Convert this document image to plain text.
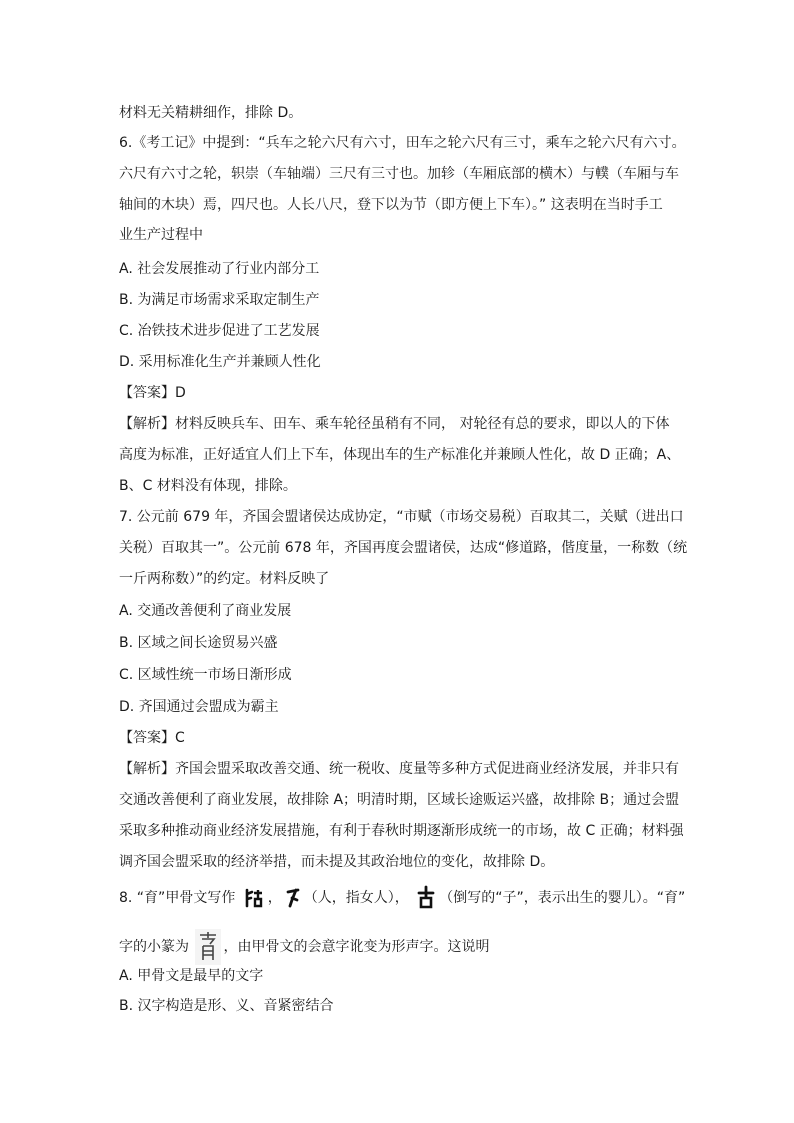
材料无关精耕细作，排除 D。
6.《考工记》中提到：“兵车之轮六尺有六寸，田车之轮六尺有三寸，乘车之轮六尺有六寸。
六尺有六寸之轮，轵崇（车轴端）三尺有三寸也。加轸（车厢底部的横木）与轐（车厢与车
轴间的木块）焉，四尺也。人长八尺，登下以为节（即方便上下车）。” 这表明在当时手工
业生产过程中
A. 社会发展推动了行业内部分工
B. 为满足市场需求采取定制生产
C. 冶铁技术进步促进了工艺发展
D. 采用标准化生产并兼顾人性化
【答案】D
【解析】材料反映兵车、田车、乘车轮径虽稍有不同， 对轮径有总的要求，即以人的下体
高度为标准，正好适宜人们上下车，体现出车的生产标准化并兼顾人性化，故 D 正确；A、
B、C 材料没有体现，排除。
7. 公元前 679 年，齐国会盟诸侯达成协定，“市赋（市场交易税）百取其二，关赋（进出口
关税）百取其一”。公元前 678 年，齐国再度会盟诸侯，达成“修道路，偕度量，一称数（统
一斤两称数）”的约定。材料反映了
A. 交通改善便利了商业发展
B. 区域之间长途贸易兴盛
C. 区域性统一市场日渐形成
D. 齐国通过会盟成为霸主
【答案】C
【解析】齐国会盟采取改善交通、统一税收、度量等多种方式促进商业经济发展，并非只有
交通改善便利了商业发展，故排除 A；明清时期，区域长途贩运兴盛，故排除 B；通过会盟
采取多种推动商业经济发展措施，有利于春秋时期逐渐形成统一的市场，故 C 正确；材料强
调齐国会盟采取的经济举措，而未提及其政治地位的变化，故排除 D。
8. “育”甲骨文写作 ， （人，指女人）， （倒写的“子”，表示出生的婴儿）。“育”
字的小篆为 ，由甲骨文的会意字讹变为形声字。这说明
A. 甲骨文是最早的文字
B. 汉字构造是形、义、音紧密结合
